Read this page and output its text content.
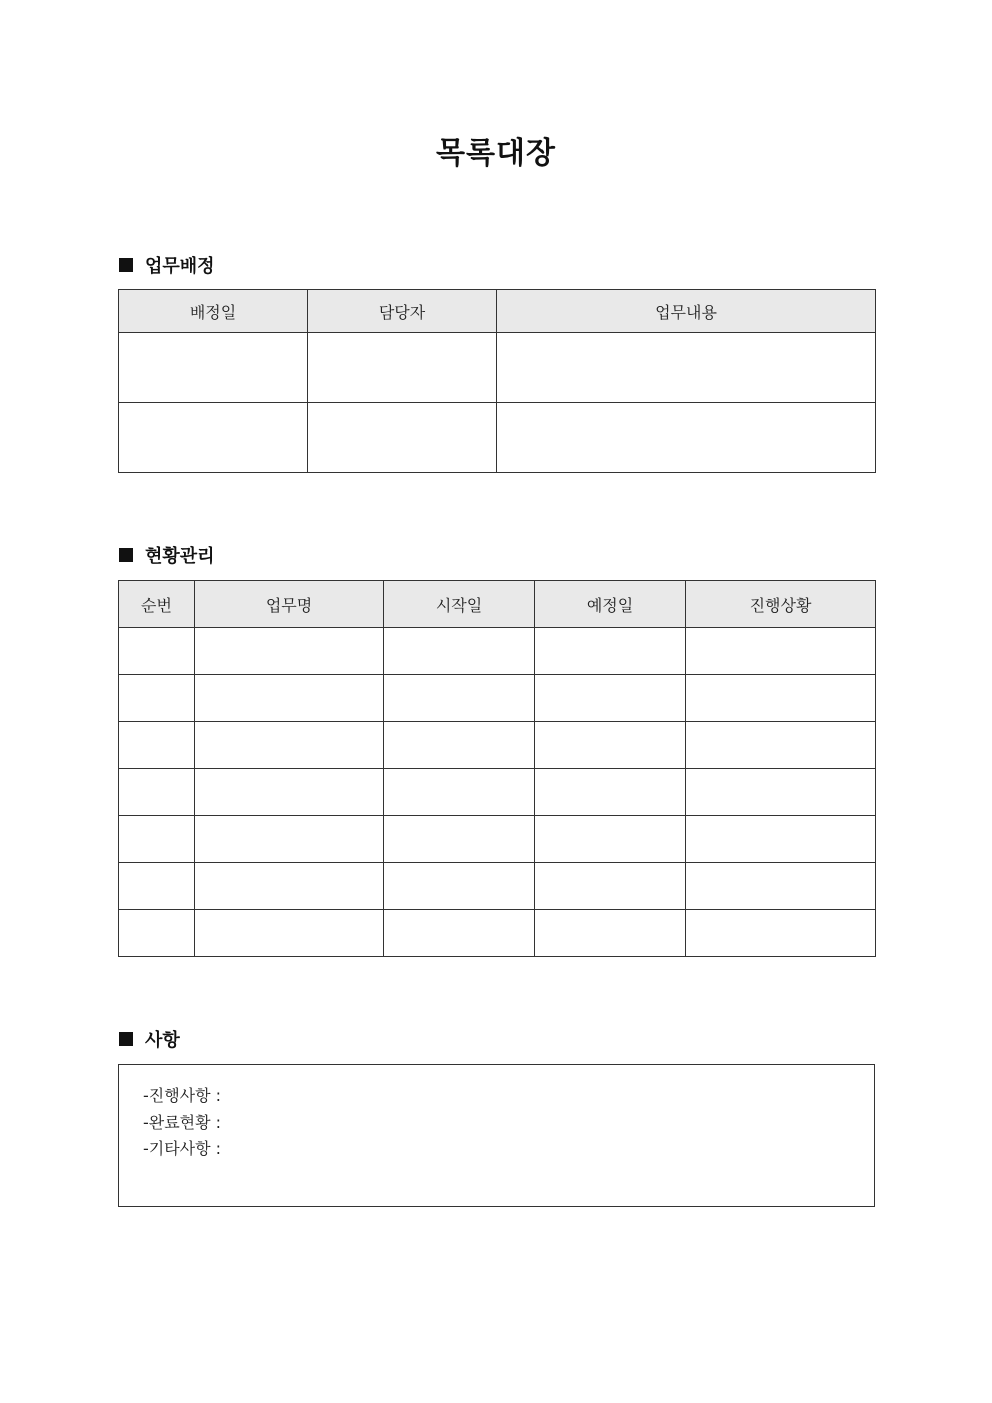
목록대장
업무배정
배정일	담당자	업무내용

현황관리
순번	업무명	시작일	예정일	진행상황

사항
-진행사항 :
-완료현황 :
-기타사항 :
